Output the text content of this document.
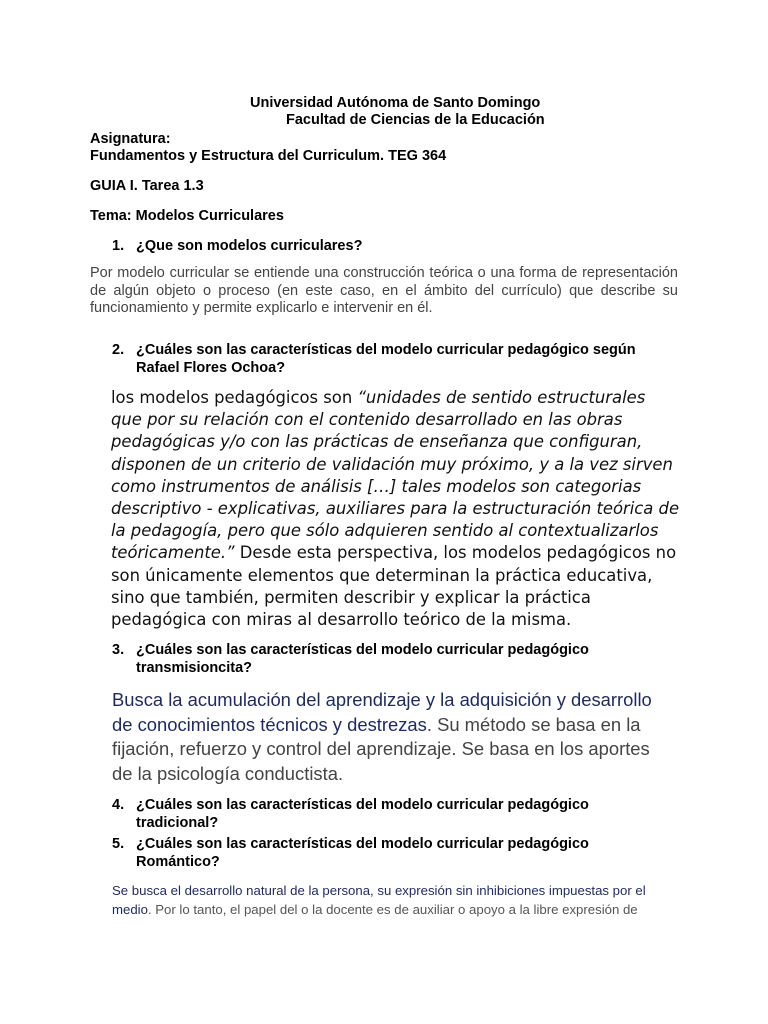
Universidad Autónoma de Santo Domingo
Facultad de Ciencias de la Educación
Asignatura:
Fundamentos y Estructura del Curriculum. TEG 364
GUIA I. Tarea 1.3
Tema: Modelos Curriculares
1. ¿Que son modelos curriculares?
Por modelo curricular se entiende una construcción teórica o una forma de representación de algún objeto o proceso (en este caso, en el ámbito del currículo) que describe su funcionamiento y permite explicarlo e intervenir en él.
2. ¿Cuáles son las características del modelo curricular pedagógico según Rafael Flores Ochoa?
los modelos pedagógicos son “unidades de sentido estructurales que por su relación con el contenido desarrollado en las obras pedagógicas y/o con las prácticas de enseñanza que configuran, disponen de un criterio de validación muy próximo, y a la vez sirven como instrumentos de análisis […] tales modelos son categorias descriptivo - explicativas, auxiliares para la estructuración teórica de la pedagogía, pero que sólo adquieren sentido al contextualizarlos teóricamente.” Desde esta perspectiva, los modelos pedagógicos no son únicamente elementos que determinan la práctica educativa, sino que también, permiten describir y explicar la práctica pedagógica con miras al desarrollo teórico de la misma.
3. ¿Cuáles son las características del modelo curricular pedagógico transmisioncita?
Busca la acumulación del aprendizaje y la adquisición y desarrollo de conocimientos técnicos y destrezas. Su método se basa en la fijación, refuerzo y control del aprendizaje. Se basa en los aportes de la psicología conductista.
4. ¿Cuáles son las características del modelo curricular pedagógico tradicional?
5. ¿Cuáles son las características del modelo curricular pedagógico Romántico?
Se busca el desarrollo natural de la persona, su expresión sin inhibiciones impuestas por el medio. Por lo tanto, el papel del o la docente es de auxiliar o apoyo a la libre expresión de
